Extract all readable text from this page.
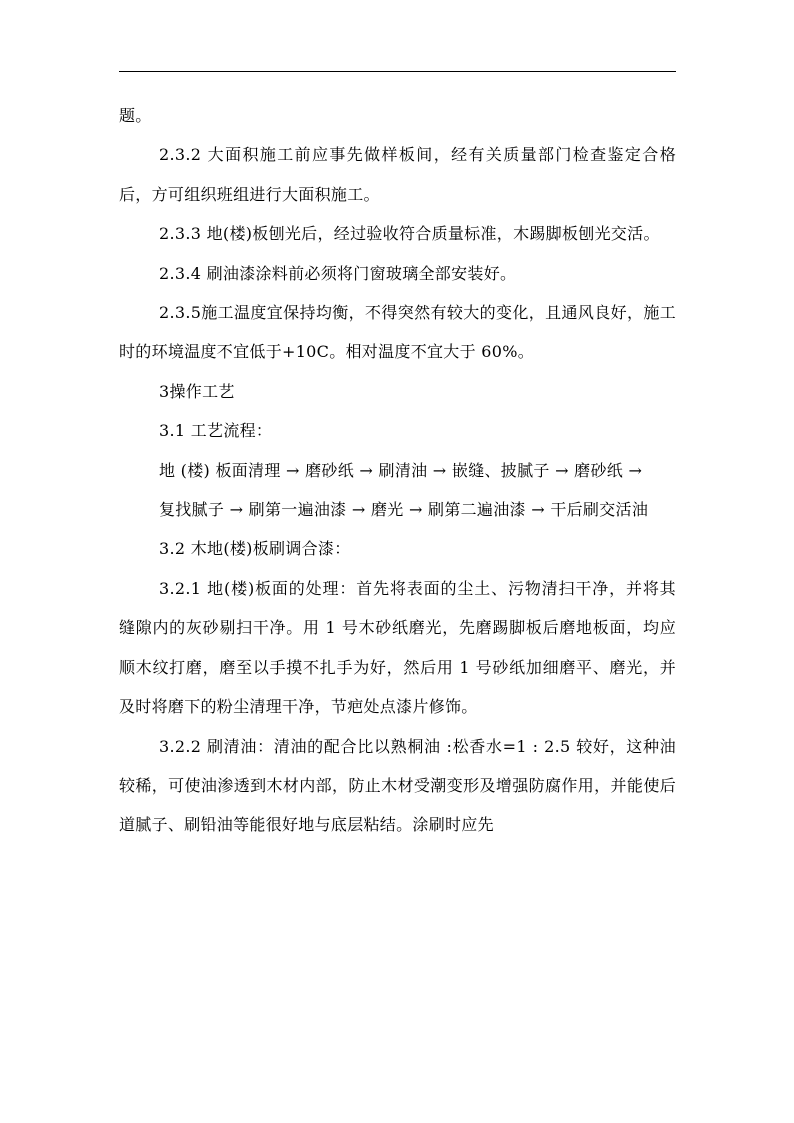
题。

2.3.2 大面积施工前应事先做样板间，经有关质量部门检查鉴定合格后，方可组织班组进行大面积施工。

2.3.3 地(楼)板刨光后，经过验收符合质量标准，木踢脚板刨光交活。

2.3.4 刷油漆涂料前必须将门窗玻璃全部安装好。

2.3.5施工温度宜保持均衡，不得突然有较大的变化，且通风良好，施工时的环境温度不宜低于+10C。相对温度不宜大于 60%。

3操作工艺

3.1 工艺流程：

地 (楼) 板面清理 → 磨砂纸 → 刷清油 → 嵌缝、披腻子 → 磨砂纸 →

复找腻子 → 刷第一遍油漆 → 磨光 → 刷第二遍油漆 → 干后刷交活油

3.2 木地(楼)板刷调合漆：

3.2.1 地(楼)板面的处理：首先将表面的尘土、污物清扫干净，并将其缝隙内的灰砂剔扫干净。用 1 号木砂纸磨光，先磨踢脚板后磨地板面，均应顺木纹打磨，磨至以手摸不扎手为好，然后用 1 号砂纸加细磨平、磨光，并及时将磨下的粉尘清理干净，节疤处点漆片修饰。

3.2.2 刷清油：清油的配合比以熟桐油 :松香水=1 : 2.5 较好，这种油较稀，可使油渗透到木材内部，防止木材受潮变形及增强防腐作用，并能使后道腻子、刷铅油等能很好地与底层粘结。涂刷时应先
